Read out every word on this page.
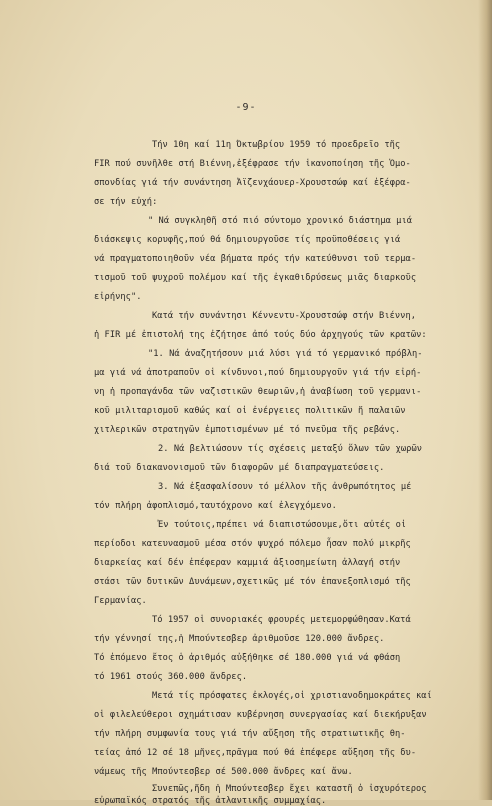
-9-
Τήν 10η καί 11η Όκτωβρίου 1959 τό προεδρεῖο τῆς
FIR πού συνῆλθε στή Βιέννη,ἐξέφρασε τήν ἱκανοποίηση τῆς Ὁμο-
σπονδίας γιά τήν συνάντηση Ἀϊζενχάουερ-Χρουστσώφ καί ἐξέφρα-
σε τήν εὐχή:
" Νά συγκληθῆ στό πιό σύντομο χρονικό διάστημα μιά
διάσκεψις κορυφῆς,πού θά δημιουργοῦσε τίς προϋποθέσεις γιά
νά πραγματοποιηθοῦν νέα βήματα πρός τήν κατεύθυνσι τοῦ τερμα-
τισμοῦ τοῦ ψυχροῦ πολέμου καί τῆς ἐγκαθιδρύσεως μιᾶς διαρκοῦς
εἰρήνης".
Κατά τήν συνάντησι Κέννεντυ-Χρουστσώφ στήν Βιέννη,
ἡ FIR μέ ἐπιστολή της ἐζήτησε ἀπό τούς δύο ἀρχηγούς τῶν κρατῶν:
"1. Νά ἀναζητήσουν μιά λύσι γιά τό γερμανικό πρόβλη-
μα γιά νά ἀποτραποῦν οἱ κίνδυνοι,πού δημιουργοῦν γιά τήν εἰρή-
νη ἡ προπαγάνδα τῶν ναζιστικῶν θεωριῶν,ἡ ἀναβίωση τοῦ γερμανι-
κοῦ μιλιταρισμοῦ καθώς καί οἱ ἐνέργειες πολιτικῶν ἤ παλαιῶν
χιτλερικῶν στρατηγῶν ἐμποτισμένων μέ τό πνεῦμα τῆς ρεβάνς.
2. Νά βελτιώσουν τίς σχέσεις μεταξύ ὅλων τῶν χωρῶν
διά τοῦ διακανονισμοῦ τῶν διαφορῶν μέ διαπραγματεύσεις.
3. Νά ἐξασφαλίσουν τό μέλλον τῆς ἀνθρωπότητος μέ
τόν πλήρη ἀφοπλισμό,ταυτόχρονο καί ἐλεγχόμενο.
Ἐν τούτοις,πρέπει νά διαπιστώσουμε,ὅτι αὐτές οἱ
περίοδοι κατευνασμοῦ μέσα στόν ψυχρό πόλεμο ἦσαν πολύ μικρῆς
διαρκείας καί δέν ἐπέφεραν καμμιά ἀξιοσημείωτη ἀλλαγή στήν
στάσι τῶν δυτικῶν Δυνάμεων,σχετικῶς μέ τόν ἐπανεξοπλισμό τῆς
Γερμανίας.
Τό 1957 οἱ συνοριακές φρουρές μετεμορφώθησαν.Κατά
τήν γέννησί της,ἡ Μπούντεσβερ ἀριθμοῦσε 120.000 ἄνδρες.
Τό ἑπόμενο ἔτος ὁ ἀριθμός αὐξήθηκε σέ 180.000 γιά νά φθάση
τό 1961 στούς 360.000 ἄνδρες.
Μετά τίς πρόσφατες ἐκλογές,οἱ χριστιανοδημοκράτες καί
οἱ φιλελεύθεροι σχημάτισαν κυβέρνηση συνεργασίας καί διεκήρυξαν
τήν πλήρη συμφωνία τους γιά τήν αὔξηση τῆς στρατιωτικῆς θη-
τείας ἀπό 12 σέ 18 μῆνες,πρᾶγμα πού θά ἐπέφερε αὔξηση τῆς δυ-
νάμεως τῆς Μπούντεσβερ σέ 500.000 ἄνδρες καί ἄνω.
Συνεπῶς,ἤδη ἡ Μπούντεσβερ ἔχει καταστῆ ὁ ἰσχυρότερος
εὐρωπαϊκός στρατός τῆς ἀτλαντικῆς συμμαχίας.
